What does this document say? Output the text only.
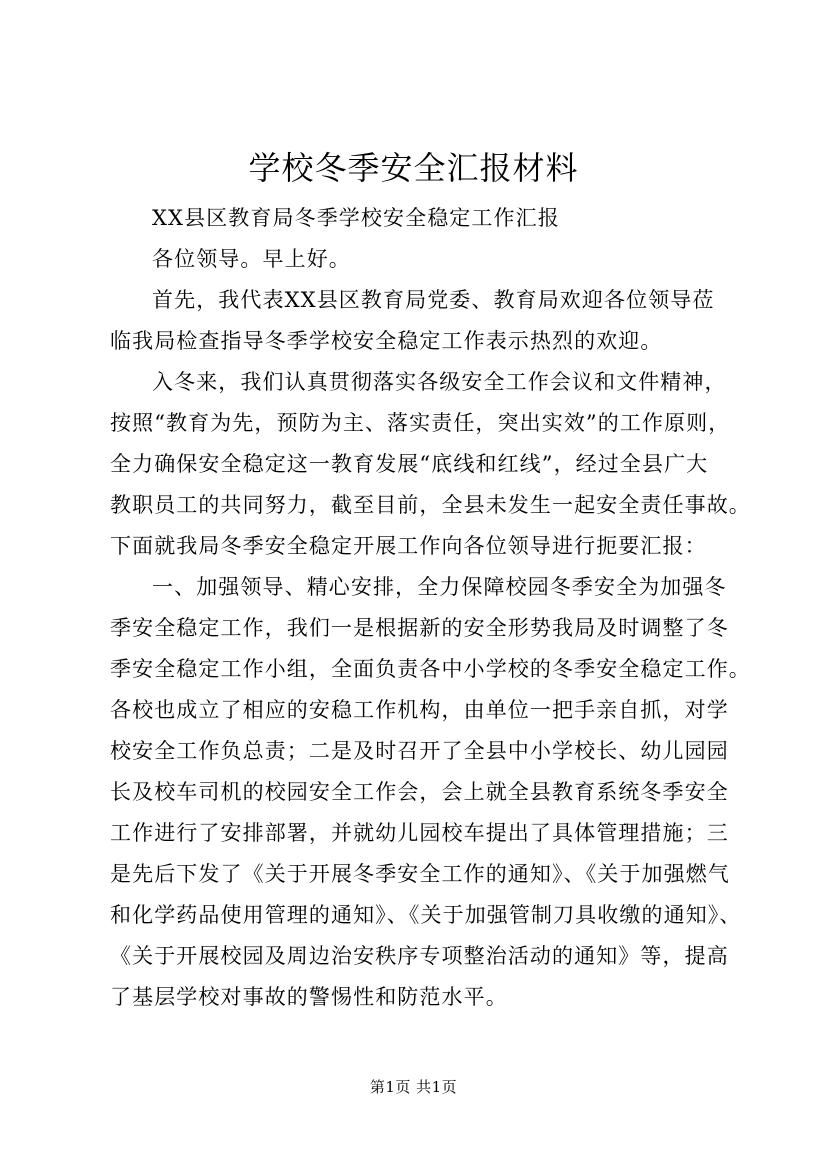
学校冬季安全汇报材料
XX县区教育局冬季学校安全稳定工作汇报
各位领导。早上好。
首先，我代表XX县区教育局党委、教育局欢迎各位领导莅
临我局检查指导冬季学校安全稳定工作表示热烈的欢迎。
入冬来，我们认真贯彻落实各级安全工作会议和文件精神，
按照“教育为先，预防为主、落实责任，突出实效”的工作原则，
全力确保安全稳定这一教育发展“底线和红线”，经过全县广大
教职员工的共同努力，截至目前，全县未发生一起安全责任事故。
下面就我局冬季安全稳定开展工作向各位领导进行扼要汇报：
一、加强领导、精心安排，全力保障校园冬季安全为加强冬
季安全稳定工作，我们一是根据新的安全形势我局及时调整了冬
季安全稳定工作小组，全面负责各中小学校的冬季安全稳定工作。
各校也成立了相应的安稳工作机构，由单位一把手亲自抓，对学
校安全工作负总责；二是及时召开了全县中小学校长、幼儿园园
长及校车司机的校园安全工作会，会上就全县教育系统冬季安全
工作进行了安排部署，并就幼儿园校车提出了具体管理措施；三
是先后下发了《关于开展冬季安全工作的通知》、《关于加强燃气
和化学药品使用管理的通知》、《关于加强管制刀具收缴的通知》、
《关于开展校园及周边治安秩序专项整治活动的通知》等，提高
了基层学校对事故的警惕性和防范水平。
第1页 共1页
